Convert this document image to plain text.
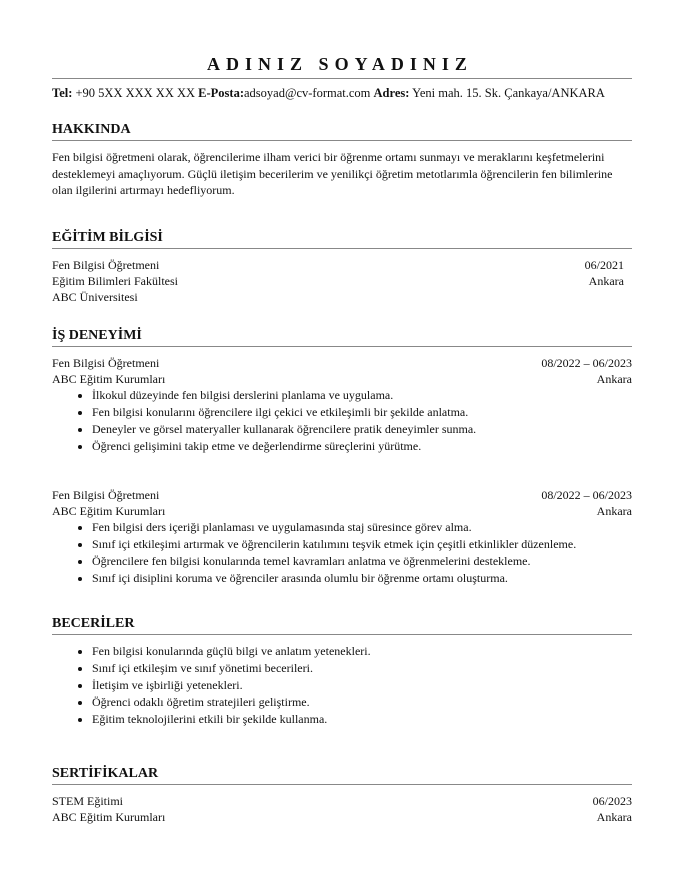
ADINIZ SOYADINIZ
Tel: +90 5XX XXX XX XX E-Posta:adsoyad@cv-format.com Adres: Yeni mah. 15. Sk. Çankaya/ANKARA
HAKKINDA
Fen bilgisi öğretmeni olarak, öğrencilerime ilham verici bir öğrenme ortamı sunmayı ve meraklarını keşfetmelerini desteklemeyi amaçlıyorum. Güçlü iletişim becerilerim ve yenilikçi öğretim metotlarımla öğrencilerin fen bilimlerine olan ilgilerini artırmayı hedefliyorum.
EĞİTİM BİLGİSİ
Fen Bilgisi Öğretmeni	06/2021
Eğitim Bilimleri Fakültesi	Ankara
ABC Üniversitesi
İŞ DENEYİMİ
Fen Bilgisi Öğretmeni	08/2022 – 06/2023
ABC Eğitim Kurumları	Ankara
• İlkokul düzeyinde fen bilgisi derslerini planlama ve uygulama.
• Fen bilgisi konularını öğrencilere ilgi çekici ve etkileşimli bir şekilde anlatma.
• Deneyler ve görsel materyaller kullanarak öğrencilere pratik deneyimler sunma.
• Öğrenci gelişimini takip etme ve değerlendirme süreçlerini yürütme.
Fen Bilgisi Öğretmeni	08/2022 – 06/2023
ABC Eğitim Kurumları	Ankara
• Fen bilgisi ders içeriği planlaması ve uygulamasında staj süresince görev alma.
• Sınıf içi etkileşimi artırmak ve öğrencilerin katılımını teşvik etmek için çeşitli etkinlikler düzenleme.
• Öğrencilere fen bilgisi konularında temel kavramları anlatma ve öğrenmelerini destekleme.
• Sınıf içi disiplini koruma ve öğrenciler arasında olumlu bir öğrenme ortamı oluşturma.
BECERİLER
• Fen bilgisi konularında güçlü bilgi ve anlatım yetenekleri.
• Sınıf içi etkileşim ve sınıf yönetimi becerileri.
• İletişim ve işbirliği yetenekleri.
• Öğrenci odaklı öğretim stratejileri geliştirme.
• Eğitim teknolojilerini etkili bir şekilde kullanma.
SERTİFİKALAR
STEM Eğitimi	06/2023
ABC Eğitim Kurumları	Ankara
